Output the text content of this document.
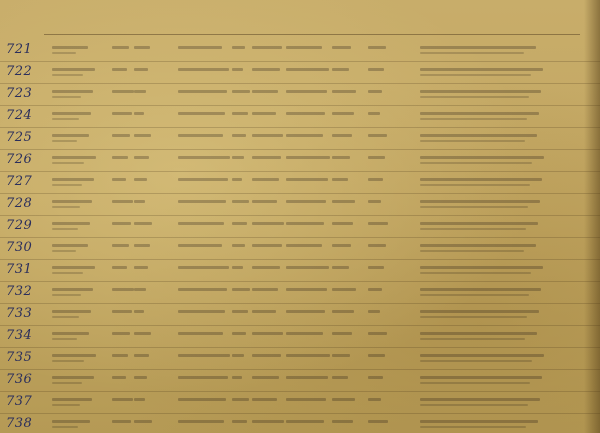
721
722
723
724
725
726
727
728
729
730
731
732
733
734
735
736
737
738
